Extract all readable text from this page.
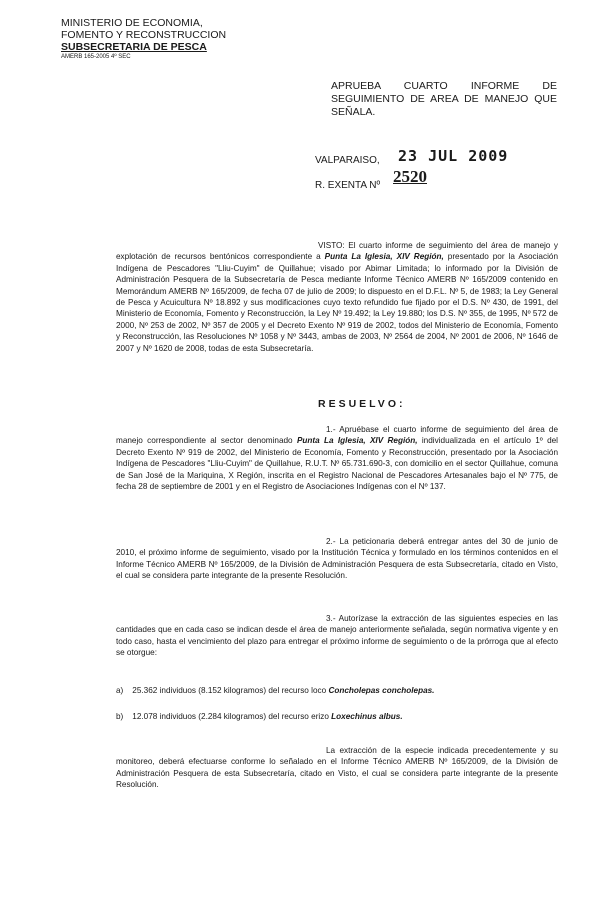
MINISTERIO DE ECONOMIA,
FOMENTO Y RECONSTRUCCION
SUBSECRETARIA DE PESCA
AMERB 165-2005 4º SEC
APRUEBA CUARTO INFORME DE SEGUIMIENTO DE AREA DE MANEJO QUE SEÑALA.
VALPARAISO, 23 JUL 2009
R. EXENTA Nº 2520

VISTO: El cuarto informe de seguimiento del área de manejo y explotación de recursos bentónicos correspondiente a Punta La Iglesia, XIV Región, presentado por la Asociación Indígena de Pescadores "Lliu-Cuyim" de Quillahue; visado por Abimar Limitada; lo informado por la División de Administración Pesquera de la Subsecretaría de Pesca mediante Informe Técnico AMERB Nº 165/2009 contenido en Memorándum AMERB Nº 165/2009, de fecha 07 de julio de 2009; lo dispuesto en el D.F.L. Nº 5, de 1983; la Ley General de Pesca y Acuicultura Nº 18.892 y sus modificaciones cuyo texto refundido fue fijado por el D.S. Nº 430, de 1991, del Ministerio de Economía, Fomento y Reconstrucción, la Ley Nº 19.492; la Ley 19.880; los D.S. Nº 355, de 1995, Nº 572 de 2000, Nº 253 de 2002, Nº 357 de 2005 y el Decreto Exento Nº 919 de 2002, todos del Ministerio de Economía, Fomento y Reconstrucción, las Resoluciones Nº 1058 y Nº 3443, ambas de 2003, Nº 2564 de 2004, Nº 2001 de 2006, Nº 1646 de 2007 y Nº 1620 de 2008, todas de esta Subsecretaría.

RESUELVO:

1.- Apruébase el cuarto informe de seguimiento del área de manejo correspondiente al sector denominado Punta La Iglesia, XIV Región, individualizada en el artículo 1º del Decreto Exento Nº 919 de 2002, del Ministerio de Economía, Fomento y Reconstrucción, presentado por la Asociación Indígena de Pescadores "Lliu-Cuyim" de Quillahue, R.U.T. Nº 65.731.690-3, con domicilio en el sector Quillahue, comuna de San José de la Mariquina, X Región, inscrita en el Registro Nacional de Pescadores Artesanales bajo el Nº 775, de fecha 28 de septiembre de 2001 y en el Registro de Asociaciones Indígenas con el Nº 137.

2.- La peticionaria deberá entregar antes del 30 de junio de 2010, el próximo informe de seguimiento, visado por la Institución Técnica y formulado en los términos contenidos en el Informe Técnico AMERB Nº 165/2009, de la División de Administración Pesquera de esta Subsecretaría, citado en Visto, el cual se considera parte integrante de la presente Resolución.

3.- Autorízase la extracción de las siguientes especies en las cantidades que en cada caso se indican desde el área de manejo anteriormente señalada, según normativa vigente y en todo caso, hasta el vencimiento del plazo para entregar el próximo informe de seguimiento o de la prórroga que al efecto se otorgue:

a) 25.362 individuos (8.152 kilogramos) del recurso loco Concholepas concholepas.
b) 12.078 individuos (2.284 kilogramos) del recurso erizo Loxechinus albus.

La extracción de la especie indicada precedentemente y su monitoreo, deberá efectuarse conforme lo señalado en el Informe Técnico AMERB Nº 165/2009, de la División de Administración Pesquera de esta Subsecretaría, citado en Visto, el cual se considera parte integrante de la presente Resolución.
